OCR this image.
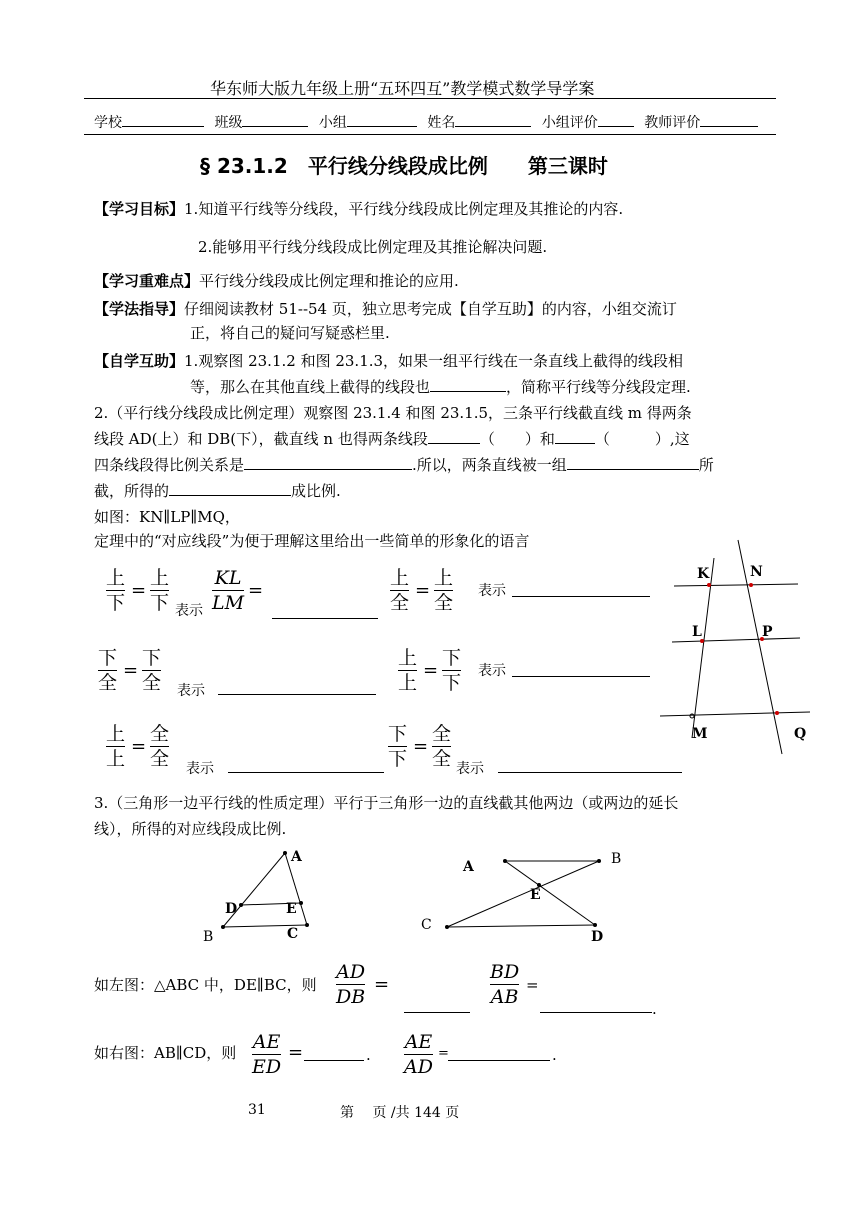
华东师大版九年级上册“五环四互”教学模式数学导学案
学校	班级	小组	姓名	小组评价	教师评价
§ 23.1.2　平行线分线段成比例　　第三课时
【学习目标】1.知道平行线等分线段，平行线分线段成比例定理及其推论的内容.
2.能够用平行线分线段成比例定理及其推论解决问题.
【学习重难点】平行线分线段成比例定理和推论的应用.
【学法指导】仔细阅读教材 51--54 页，独立思考完成【自学互助】的内容，小组交流订
正，将自己的疑问写疑惑栏里.
【自学互助】1.观察图 23.1.2 和图 23.1.3，如果一组平行线在一条直线上截得的线段相
等，那么在其他直线上截得的线段也	，简称平行线等分线段定理.
2.（平行线分线段成比例定理）观察图 23.1.4 和图 23.1.5，三条平行线截直线 m 得两条
线段 AD(上）和 DB(下），截直线 n 也得两条线段	（　　）和	（　　　）,这
四条线段得比例关系是	.所以，两条直线被一组	所
截，所得的	成比例.
如图：KN∥LP∥MQ，
定理中的“对应线段”为便于理解这里给出一些简单的形象化的语言
上
下
=
上
下 表示
KL
LM
=
上
全
=
上
全
表示
下
全
=
下
全 表示
上
上
=
下
下
表示
上
上
=
全
全 表示
下
下
=
全
全 表示
K	N
L	P
M	Q
3.（三角形一边平行线的性质定理）平行于三角形一边的直线截其他两边（或两边的延长
线），所得的对应线段成比例.
A
D	E
B	C
A	B
E
C
D
如左图：△ABC 中，DE∥BC，则
AD
DB
=
BD
AB
=
.
如右图：AB∥CD，则 AE
ED
=	.
AE
AD
=	.
31	第　 页 /共 144 页
